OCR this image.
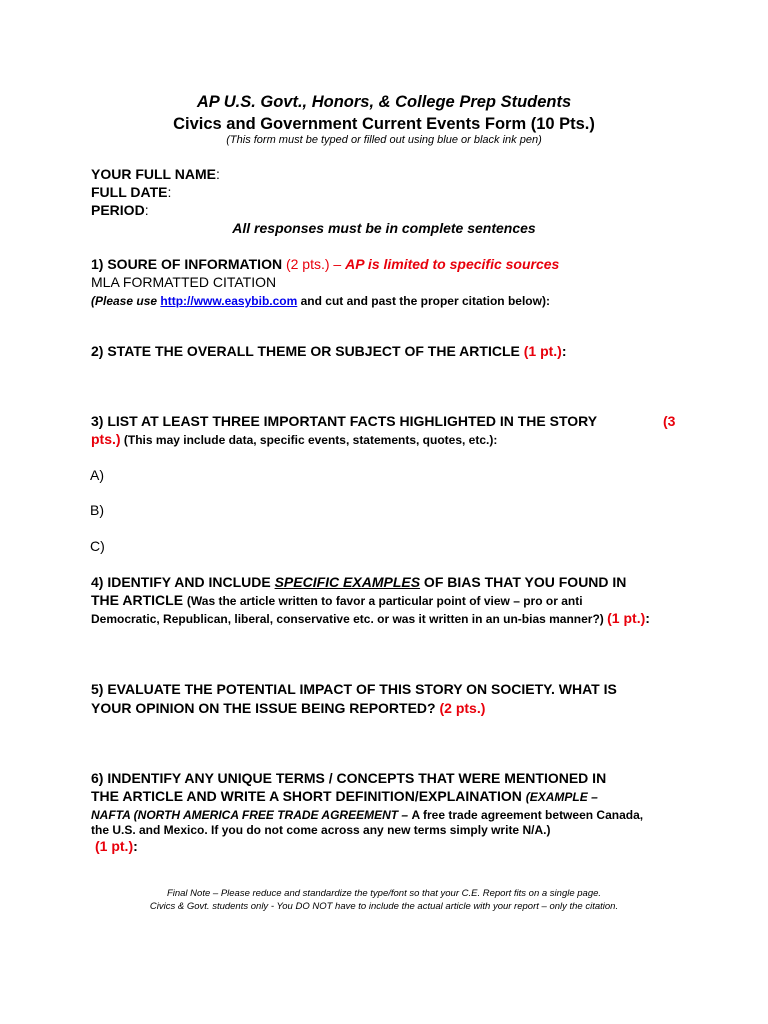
AP U.S. Govt., Honors, & College Prep Students
Civics and Government Current Events Form (10 Pts.)
(This form must be typed or filled out using blue or black ink pen)
YOUR FULL NAME:
FULL DATE:
PERIOD:
All responses must be in complete sentences
1) SOURE OF INFORMATION (2 pts.) – AP is limited to specific sources
MLA FORMATTED CITATION
(Please use http://www.easybib.com and cut and past the proper citation below):
2) STATE THE OVERALL THEME OR SUBJECT OF THE ARTICLE (1 pt.):
3) LIST AT LEAST THREE IMPORTANT FACTS HIGHLIGHTED IN THE STORY	(3
pts.) (This may include data, specific events, statements, quotes, etc.):
A)
B)
C)
4) IDENTIFY AND INCLUDE SPECIFIC EXAMPLES OF BIAS THAT YOU FOUND IN
THE ARTICLE (Was the article written to favor a particular point of view – pro or anti
Democratic, Republican, liberal, conservative etc. or was it written in an un-bias manner?) (1 pt.):
5) EVALUATE THE POTENTIAL IMPACT OF THIS STORY ON SOCIETY. WHAT IS
YOUR OPINION ON THE ISSUE BEING REPORTED? (2 pts.)
6) INDENTIFY ANY UNIQUE TERMS / CONCEPTS THAT WERE MENTIONED IN
THE ARTICLE AND WRITE A SHORT DEFINITION/EXPLAINATION (EXAMPLE –
NAFTA (NORTH AMERICA FREE TRADE AGREEMENT – A free trade agreement between Canada,
the U.S. and Mexico. If you do not come across any new terms simply write N/A.)
(1 pt.):
Final Note – Please reduce and standardize the type/font so that your C.E. Report fits on a single page.
Civics & Govt. students only - You DO NOT have to include the actual article with your report – only the citation.
